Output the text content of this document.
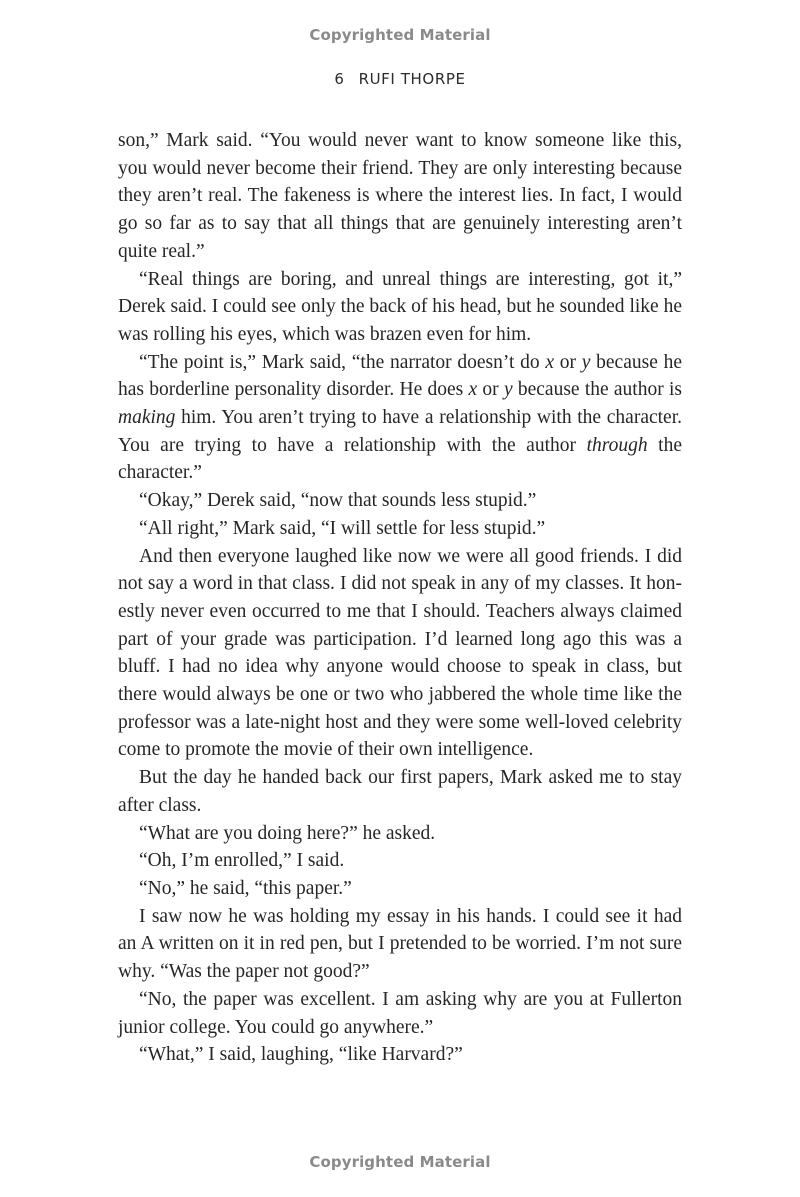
Copyrighted Material
6 RUFI THORPE

son,” Mark said. “You would never want to know someone like this, you would never become their friend. They are only interesting because they aren’t real. The fakeness is where the interest lies. In fact, I would go so far as to say that all things that are genuinely interesting aren’t quite real.”

“Real things are boring, and unreal things are interesting, got it,” Derek said. I could see only the back of his head, but he sounded like he was rolling his eyes, which was brazen even for him.

“The point is,” Mark said, “the narrator doesn’t do x or y because he has borderline personality disorder. He does x or y because the author is making him. You aren’t trying to have a relationship with the character. You are trying to have a relationship with the author through the character.”

“Okay,” Derek said, “now that sounds less stupid.”

“All right,” Mark said, “I will settle for less stupid.”

And then everyone laughed like now we were all good friends. I did not say a word in that class. I did not speak in any of my classes. It honestly never even occurred to me that I should. Teachers always claimed part of your grade was participation. I’d learned long ago this was a bluff. I had no idea why anyone would choose to speak in class, but there would always be one or two who jabbered the whole time like the professor was a late-night host and they were some well-loved celebrity come to promote the movie of their own intelligence.

But the day he handed back our first papers, Mark asked me to stay after class.

“What are you doing here?” he asked.

“Oh, I’m enrolled,” I said.

“No,” he said, “this paper.”

I saw now he was holding my essay in his hands. I could see it had an A written on it in red pen, but I pretended to be worried. I’m not sure why. “Was the paper not good?”

“No, the paper was excellent. I am asking why are you at Fullerton junior college. You could go anywhere.”

“What,” I said, laughing, “like Harvard?”

Copyrighted Material
